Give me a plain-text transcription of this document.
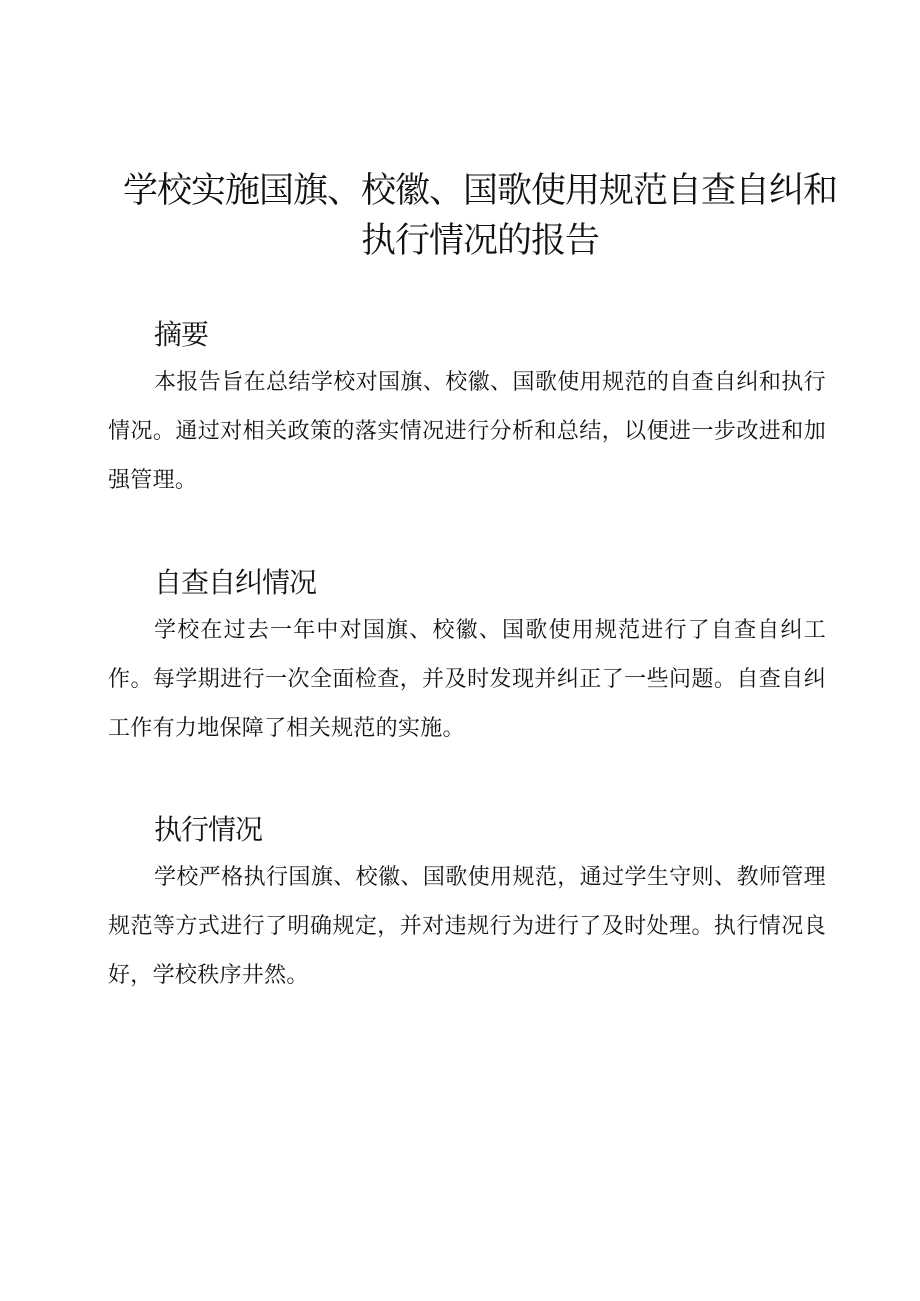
学校实施国旗、校徽、国歌使用规范自查自纠和执行情况的报告
摘要

本报告旨在总结学校对国旗、校徽、国歌使用规范的自查自纠和执行情况。通过对相关政策的落实情况进行分析和总结，以便进一步改进和加强管理。

自查自纠情况

学校在过去一年中对国旗、校徽、国歌使用规范进行了自查自纠工作。每学期进行一次全面检查，并及时发现并纠正了一些问题。自查自纠工作有力地保障了相关规范的实施。

执行情况

学校严格执行国旗、校徽、国歌使用规范，通过学生守则、教师管理规范等方式进行了明确规定，并对违规行为进行了及时处理。执行情况良好，学校秩序井然。
